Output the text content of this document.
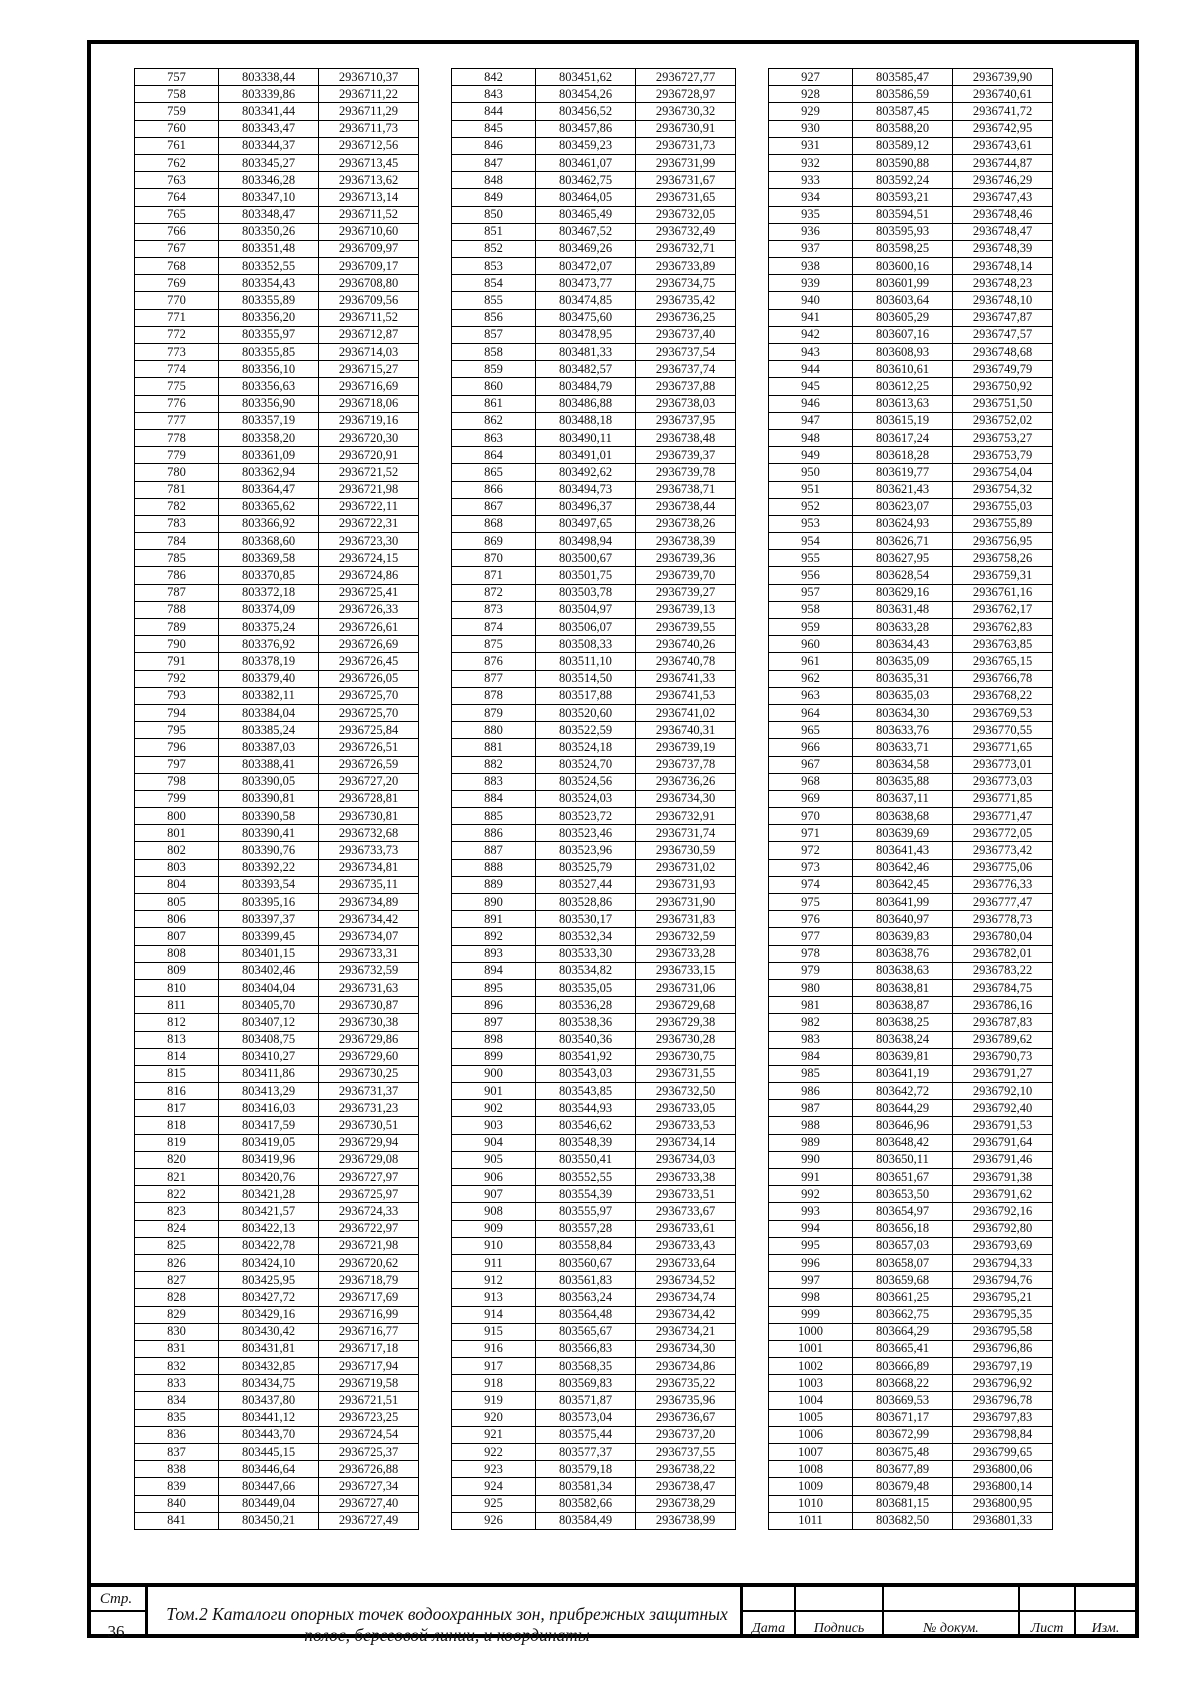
757	803338,44	2936710,37
758	803339,86	2936711,22
759	803341,44	2936711,29
760	803343,47	2936711,73
761	803344,37	2936712,56
762	803345,27	2936713,45
763	803346,28	2936713,62
764	803347,10	2936713,14
765	803348,47	2936711,52
766	803350,26	2936710,60
767	803351,48	2936709,97
768	803352,55	2936709,17
769	803354,43	2936708,80
770	803355,89	2936709,56
771	803356,20	2936711,52
772	803355,97	2936712,87
773	803355,85	2936714,03
774	803356,10	2936715,27
775	803356,63	2936716,69
776	803356,90	2936718,06
777	803357,19	2936719,16
778	803358,20	2936720,30
779	803361,09	2936720,91
780	803362,94	2936721,52
781	803364,47	2936721,98
782	803365,62	2936722,11
783	803366,92	2936722,31
784	803368,60	2936723,30
785	803369,58	2936724,15
786	803370,85	2936724,86
787	803372,18	2936725,41
788	803374,09	2936726,33
789	803375,24	2936726,61
790	803376,92	2936726,69
791	803378,19	2936726,45
792	803379,40	2936726,05
793	803382,11	2936725,70
794	803384,04	2936725,70
795	803385,24	2936725,84
796	803387,03	2936726,51
797	803388,41	2936726,59
798	803390,05	2936727,20
799	803390,81	2936728,81
800	803390,58	2936730,81
801	803390,41	2936732,68
802	803390,76	2936733,73
803	803392,22	2936734,81
804	803393,54	2936735,11
805	803395,16	2936734,89
806	803397,37	2936734,42
807	803399,45	2936734,07
808	803401,15	2936733,31
809	803402,46	2936732,59
810	803404,04	2936731,63
811	803405,70	2936730,87
812	803407,12	2936730,38
813	803408,75	2936729,86
814	803410,27	2936729,60
815	803411,86	2936730,25
816	803413,29	2936731,37
817	803416,03	2936731,23
818	803417,59	2936730,51
819	803419,05	2936729,94
820	803419,96	2936729,08
821	803420,76	2936727,97
822	803421,28	2936725,97
823	803421,57	2936724,33
824	803422,13	2936722,97
825	803422,78	2936721,98
826	803424,10	2936720,62
827	803425,95	2936718,79
828	803427,72	2936717,69
829	803429,16	2936716,99
830	803430,42	2936716,77
831	803431,81	2936717,18
832	803432,85	2936717,94
833	803434,75	2936719,58
834	803437,80	2936721,51
835	803441,12	2936723,25
836	803443,70	2936724,54
837	803445,15	2936725,37
838	803446,64	2936726,88
839	803447,66	2936727,34
840	803449,04	2936727,40
841	803450,21	2936727,49
842	803451,62	2936727,77
843	803454,26	2936728,97
844	803456,52	2936730,32
845	803457,86	2936730,91
846	803459,23	2936731,73
847	803461,07	2936731,99
848	803462,75	2936731,67
849	803464,05	2936731,65
850	803465,49	2936732,05
851	803467,52	2936732,49
852	803469,26	2936732,71
853	803472,07	2936733,89
854	803473,77	2936734,75
855	803474,85	2936735,42
856	803475,60	2936736,25
857	803478,95	2936737,40
858	803481,33	2936737,54
859	803482,57	2936737,74
860	803484,79	2936737,88
861	803486,88	2936738,03
862	803488,18	2936737,95
863	803490,11	2936738,48
864	803491,01	2936739,37
865	803492,62	2936739,78
866	803494,73	2936738,71
867	803496,37	2936738,44
868	803497,65	2936738,26
869	803498,94	2936738,39
870	803500,67	2936739,36
871	803501,75	2936739,70
872	803503,78	2936739,27
873	803504,97	2936739,13
874	803506,07	2936739,55
875	803508,33	2936740,26
876	803511,10	2936740,78
877	803514,50	2936741,33
878	803517,88	2936741,53
879	803520,60	2936741,02
880	803522,59	2936740,31
881	803524,18	2936739,19
882	803524,70	2936737,78
883	803524,56	2936736,26
884	803524,03	2936734,30
885	803523,72	2936732,91
886	803523,46	2936731,74
887	803523,96	2936730,59
888	803525,79	2936731,02
889	803527,44	2936731,93
890	803528,86	2936731,90
891	803530,17	2936731,83
892	803532,34	2936732,59
893	803533,30	2936733,28
894	803534,82	2936733,15
895	803535,05	2936731,06
896	803536,28	2936729,68
897	803538,36	2936729,38
898	803540,36	2936730,28
899	803541,92	2936730,75
900	803543,03	2936731,55
901	803543,85	2936732,50
902	803544,93	2936733,05
903	803546,62	2936733,53
904	803548,39	2936734,14
905	803550,41	2936734,03
906	803552,55	2936733,38
907	803554,39	2936733,51
908	803555,97	2936733,67
909	803557,28	2936733,61
910	803558,84	2936733,43
911	803560,67	2936733,64
912	803561,83	2936734,52
913	803563,24	2936734,74
914	803564,48	2936734,42
915	803565,67	2936734,21
916	803566,83	2936734,30
917	803568,35	2936734,86
918	803569,83	2936735,22
919	803571,87	2936735,96
920	803573,04	2936736,67
921	803575,44	2936737,20
922	803577,37	2936737,55
923	803579,18	2936738,22
924	803581,34	2936738,47
925	803582,66	2936738,29
926	803584,49	2936738,99
927	803585,47	2936739,90
928	803586,59	2936740,61
929	803587,45	2936741,72
930	803588,20	2936742,95
931	803589,12	2936743,61
932	803590,88	2936744,87
933	803592,24	2936746,29
934	803593,21	2936747,43
935	803594,51	2936748,46
936	803595,93	2936748,47
937	803598,25	2936748,39
938	803600,16	2936748,14
939	803601,99	2936748,23
940	803603,64	2936748,10
941	803605,29	2936747,87
942	803607,16	2936747,57
943	803608,93	2936748,68
944	803610,61	2936749,79
945	803612,25	2936750,92
946	803613,63	2936751,50
947	803615,19	2936752,02
948	803617,24	2936753,27
949	803618,28	2936753,79
950	803619,77	2936754,04
951	803621,43	2936754,32
952	803623,07	2936755,03
953	803624,93	2936755,89
954	803626,71	2936756,95
955	803627,95	2936758,26
956	803628,54	2936759,31
957	803629,16	2936761,16
958	803631,48	2936762,17
959	803633,28	2936762,83
960	803634,43	2936763,85
961	803635,09	2936765,15
962	803635,31	2936766,78
963	803635,03	2936768,22
964	803634,30	2936769,53
965	803633,76	2936770,55
966	803633,71	2936771,65
967	803634,58	2936773,01
968	803635,88	2936773,03
969	803637,11	2936771,85
970	803638,68	2936771,47
971	803639,69	2936772,05
972	803641,43	2936773,42
973	803642,46	2936775,06
974	803642,45	2936776,33
975	803641,99	2936777,47
976	803640,97	2936778,73
977	803639,83	2936780,04
978	803638,76	2936782,01
979	803638,63	2936783,22
980	803638,81	2936784,75
981	803638,87	2936786,16
982	803638,25	2936787,83
983	803638,24	2936789,62
984	803639,81	2936790,73
985	803641,19	2936791,27
986	803642,72	2936792,10
987	803644,29	2936792,40
988	803646,96	2936791,53
989	803648,42	2936791,64
990	803650,11	2936791,46
991	803651,67	2936791,38
992	803653,50	2936791,62
993	803654,97	2936792,16
994	803656,18	2936792,80
995	803657,03	2936793,69
996	803658,07	2936794,33
997	803659,68	2936794,76
998	803661,25	2936795,21
999	803662,75	2936795,35
1000	803664,29	2936795,58
1001	803665,41	2936796,86
1002	803666,89	2936797,19
1003	803668,22	2936796,92
1004	803669,53	2936796,78
1005	803671,17	2936797,83
1006	803672,99	2936798,84
1007	803675,48	2936799,65
1008	803677,89	2936800,06
1009	803679,48	2936800,14
1010	803681,15	2936800,95
1011	803682,50	2936801,33
Стр.
36
Том.2 Каталоги опорных точек водоохранных зон, прибрежных защитных полос, береговой линии, и координаты	Дата	Подпись	№ докум.	Лист	Изм.
